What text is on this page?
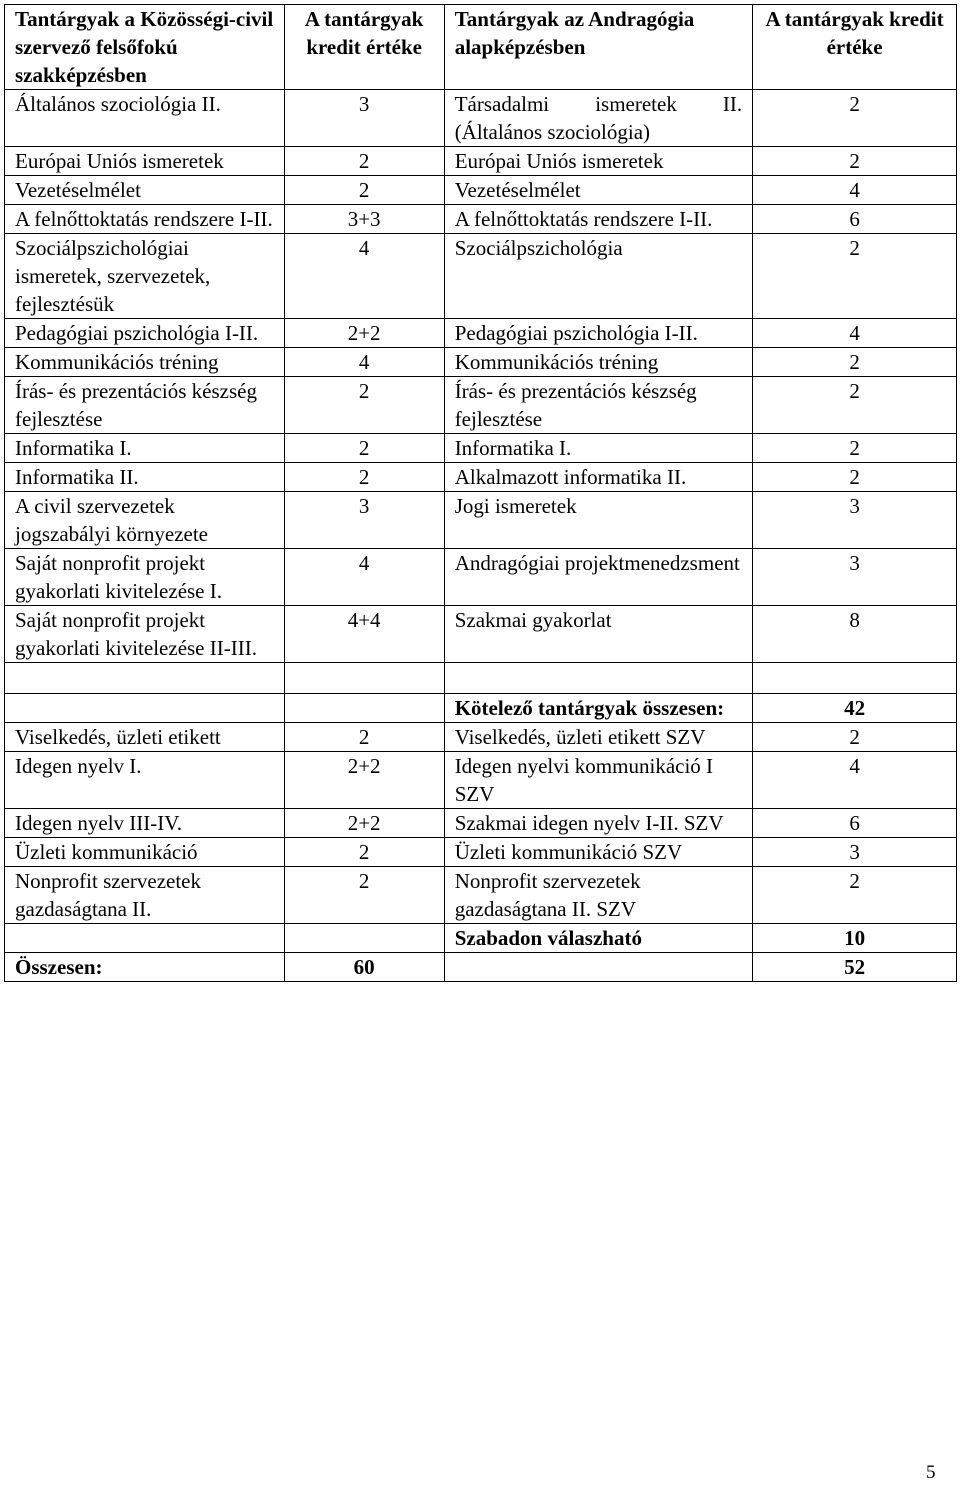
Tantárgyak a Közösségi-civil szervező felsőfokú szakképzésben	A tantárgyak kredit értéke	Tantárgyak az Andragógia alapképzésben	A tantárgyak kredit értéke
Általános szociológia II.	3	Társadalmi ismeretek II. (Általános szociológia)	2
Európai Uniós ismeretek	2	Európai Uniós ismeretek	2
Vezetéselmélet	2	Vezetéselmélet	4
A felnőttoktatás rendszere I-II.	3+3	A felnőttoktatás rendszere I-II.	6
Szociálpszichológiai ismeretek, szervezetek, fejlesztésük	4	Szociálpszichológia	2
Pedagógiai pszichológia I-II.	2+2	Pedagógiai pszichológia I-II.	4
Kommunikációs tréning	4	Kommunikációs tréning	2
Írás- és prezentációs készség fejlesztése	2	Írás- és prezentációs készség fejlesztése	2
Informatika I.	2	Informatika I.	2
Informatika II.	2	Alkalmazott informatika II.	2
A civil szervezetek jogszabályi környezete	3	Jogi ismeretek	3
Saját nonprofit projekt gyakorlati kivitelezése I.	4	Andragógiai projektmenedzsment	3
Saját nonprofit projekt gyakorlati kivitelezése II-III.	4+4	Szakmai gyakorlat	8

		Kötelező tantárgyak összesen:	42
Viselkedés, üzleti etikett	2	Viselkedés, üzleti etikett SZV	2
Idegen nyelv I.	2+2	Idegen nyelvi kommunikáció I SZV	4
Idegen nyelv III-IV.	2+2	Szakmai idegen nyelv I-II. SZV	6
Üzleti kommunikáció	2	Üzleti kommunikáció SZV	3
Nonprofit szervezetek gazdaságtana II.	2	Nonprofit szervezetek gazdaságtana II. SZV	2
		Szabadon válaszható	10
Összesen:	60		52
5
